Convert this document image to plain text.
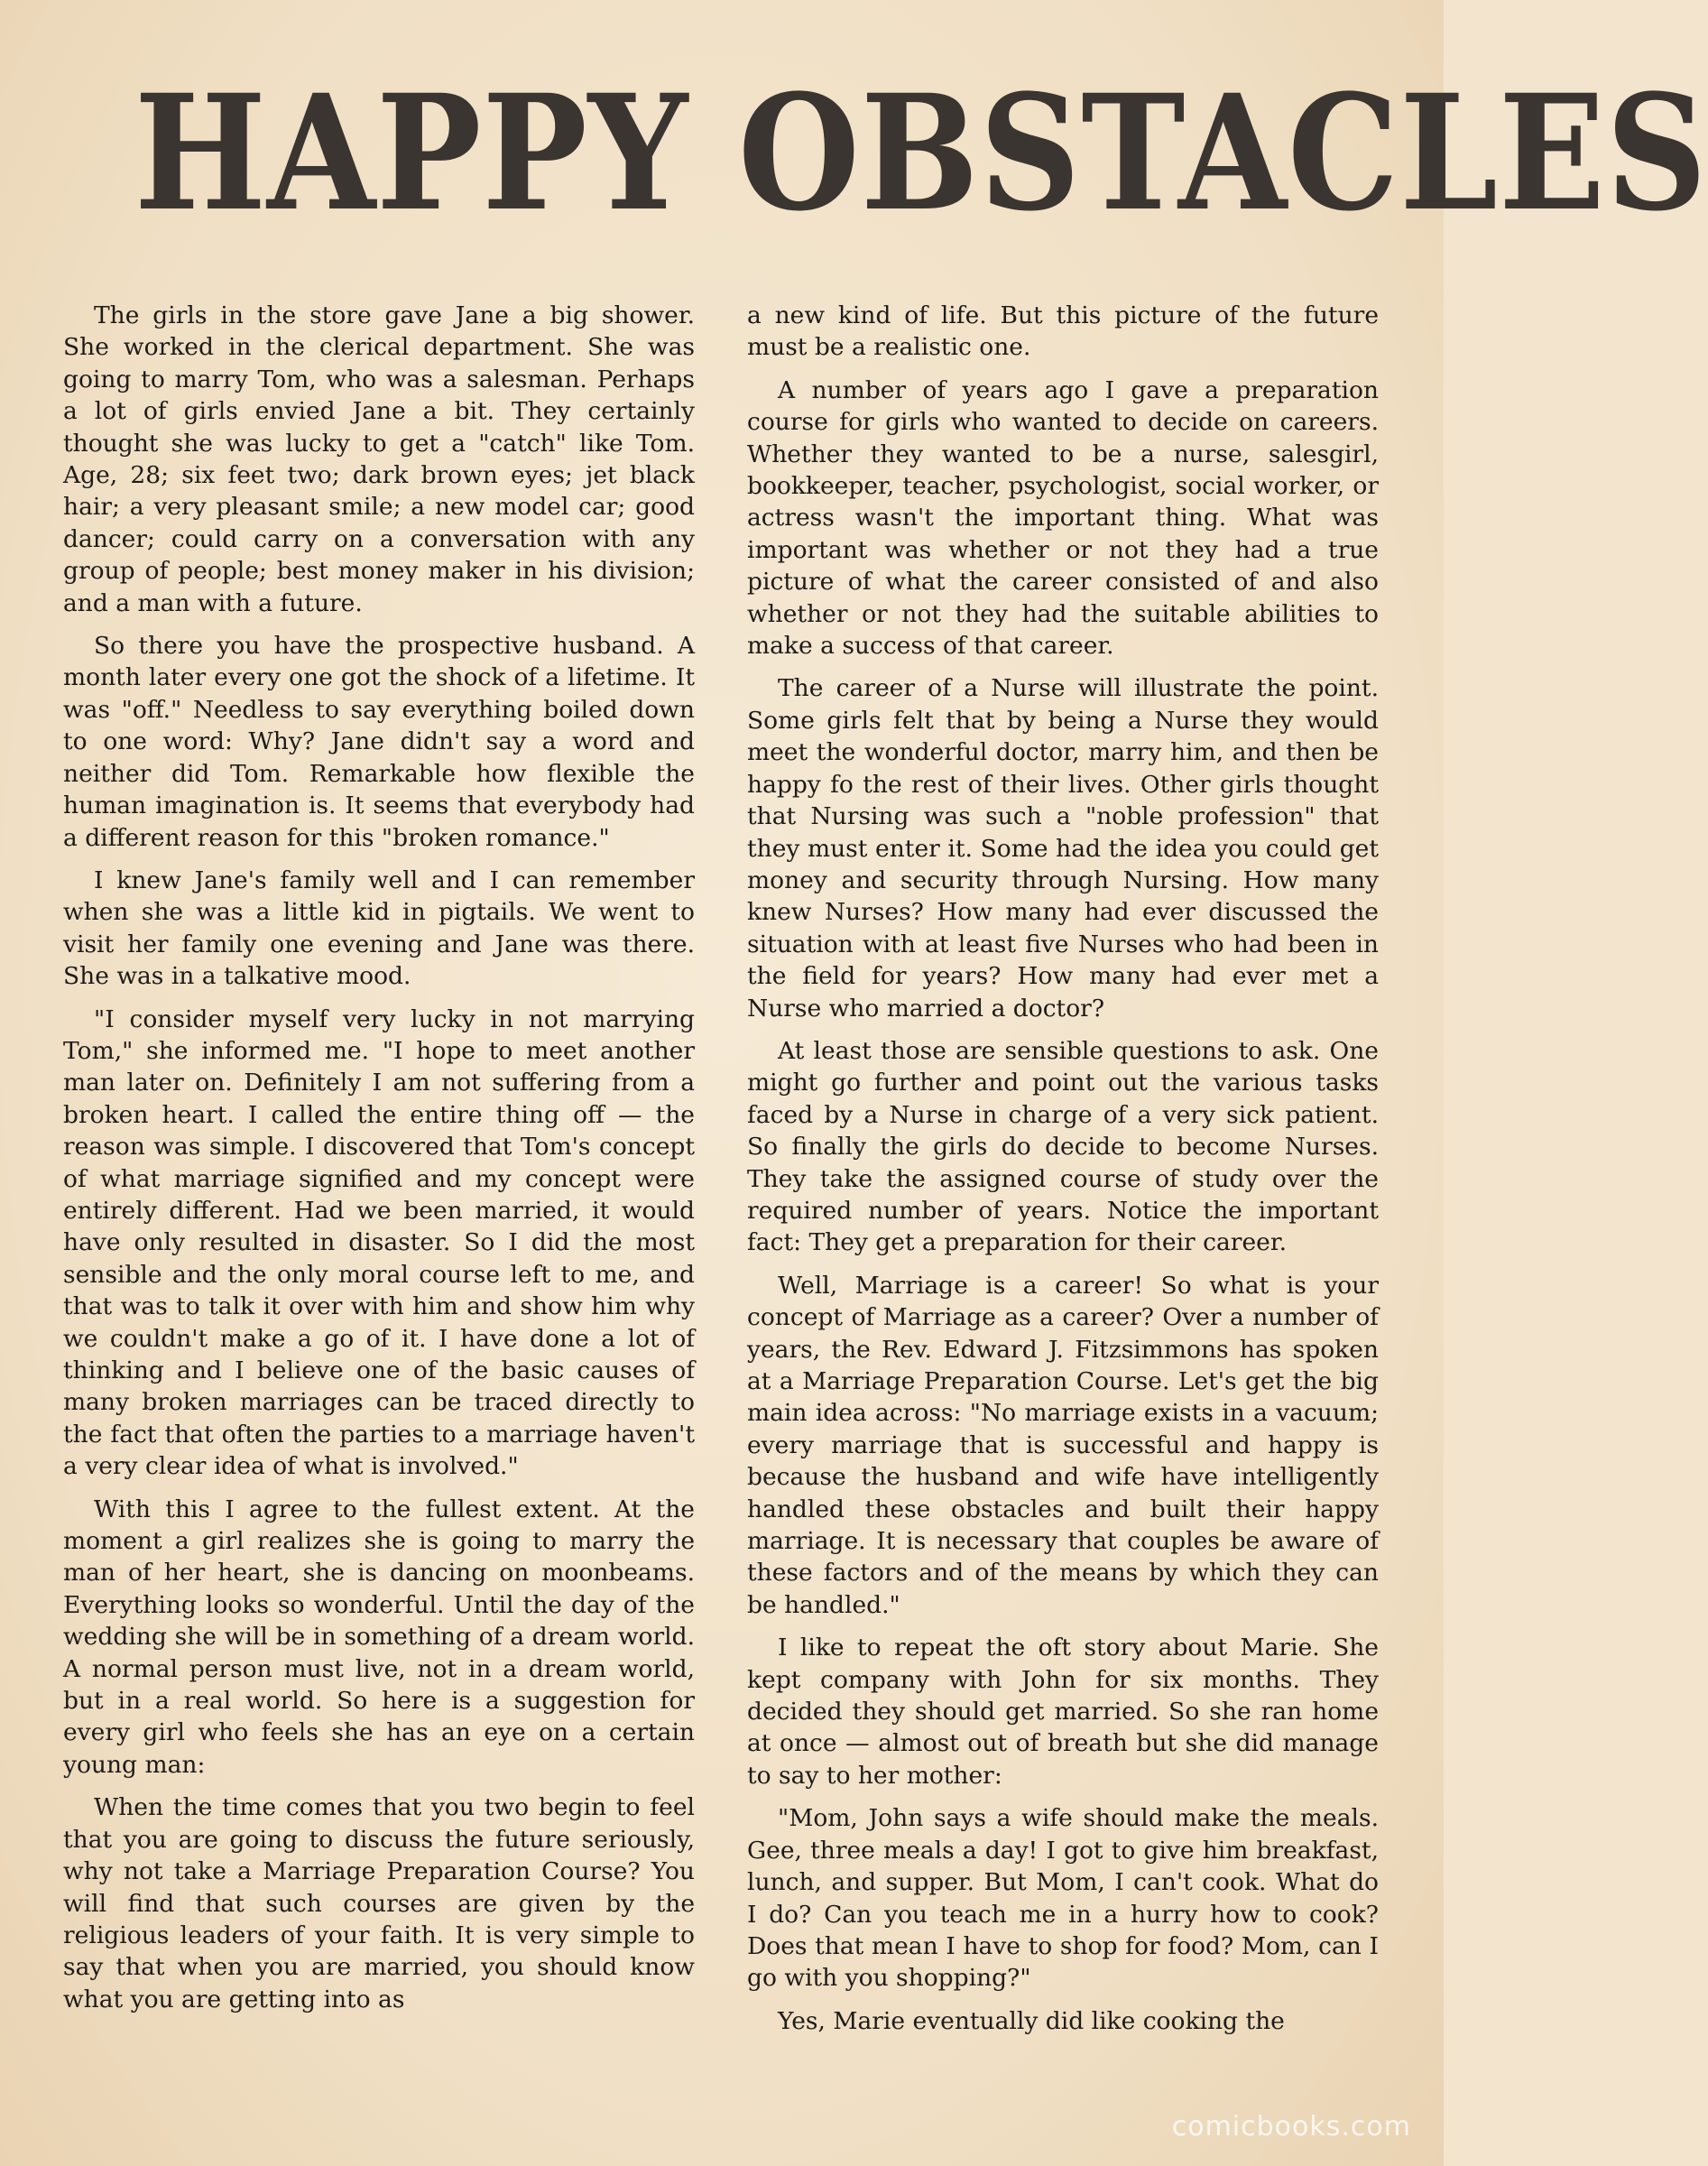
HAPPY OBSTACLES

The girls in the store gave Jane a big shower. She worked in the clerical department. She was going to marry Tom, who was a salesman. Perhaps a lot of girls envied Jane a bit. They certainly thought she was lucky to get a "catch" like Tom. Age, 28; six feet two; dark brown eyes; jet black hair; a very pleasant smile; a new model car; good dancer; could carry on a conversation with any group of people; best money maker in his division; and a man with a future.

So there you have the prospective husband. A month later every one got the shock of a lifetime. It was "off." Needless to say everything boiled down to one word: Why? Jane didn't say a word and neither did Tom. Remarkable how flexible the human imagination is. It seems that everybody had a different reason for this "broken romance."

I knew Jane's family well and I can remember when she was a little kid in pigtails. We went to visit her family one evening and Jane was there. She was in a talkative mood.

"I consider myself very lucky in not marrying Tom," she informed me. "I hope to meet another man later on. Definitely I am not suffering from a broken heart. I called the entire thing off — the reason was simple. I discovered that Tom's concept of what marriage signified and my concept were entirely different. Had we been married, it would have only resulted in disaster. So I did the most sensible and the only moral course left to me, and that was to talk it over with him and show him why we couldn't make a go of it. I have done a lot of thinking and I believe one of the basic causes of many broken marriages can be traced directly to the fact that often the parties to a marriage haven't a very clear idea of what is involved."

With this I agree to the fullest extent. At the moment a girl realizes she is going to marry the man of her heart, she is dancing on moonbeams. Everything looks so wonderful. Until the day of the wedding she will be in something of a dream world. A normal person must live, not in a dream world, but in a real world. So here is a suggestion for every girl who feels she has an eye on a certain young man:

When the time comes that you two begin to feel that you are going to discuss the future seriously, why not take a Marriage Preparation Course? You will find that such courses are given by the religious leaders of your faith. It is very simple to say that when you are married, you should know what you are getting into as

a new kind of life. But this picture of the future must be a realistic one.

A number of years ago I gave a preparation course for girls who wanted to decide on careers. Whether they wanted to be a nurse, salesgirl, bookkeeper, teacher, psychologist, social worker, or actress wasn't the important thing. What was important was whether or not they had a true picture of what the career consisted of and also whether or not they had the suitable abilities to make a success of that career.

The career of a Nurse will illustrate the point. Some girls felt that by being a Nurse they would meet the wonderful doctor, marry him, and then be happy fo the rest of their lives. Other girls thought that Nursing was such a "noble profession" that they must enter it. Some had the idea you could get money and security through Nursing. How many knew Nurses? How many had ever discussed the situation with at least five Nurses who had been in the field for years? How many had ever met a Nurse who married a doctor?

At least those are sensible questions to ask. One might go further and point out the various tasks faced by a Nurse in charge of a very sick patient. So finally the girls do decide to become Nurses. They take the assigned course of study over the required number of years. Notice the important fact: They get a preparation for their career.

Well, Marriage is a career! So what is your concept of Marriage as a career? Over a number of years, the Rev. Edward J. Fitzsimmons has spoken at a Marriage Preparation Course. Let's get the big main idea across: "No marriage exists in a vacuum; every marriage that is successful and happy is because the husband and wife have intelligently handled these obstacles and built their happy marriage. It is necessary that couples be aware of these factors and of the means by which they can be handled."

I like to repeat the oft story about Marie. She kept company with John for six months. They decided they should get married. So she ran home at once — almost out of breath but she did manage to say to her mother:

"Mom, John says a wife should make the meals. Gee, three meals a day! I got to give him breakfast, lunch, and supper. But Mom, I can't cook. What do I do? Can you teach me in a hurry how to cook? Does that mean I have to shop for food? Mom, can I go with you shopping?"

Yes, Marie eventually did like cooking the

comicbooks.com
